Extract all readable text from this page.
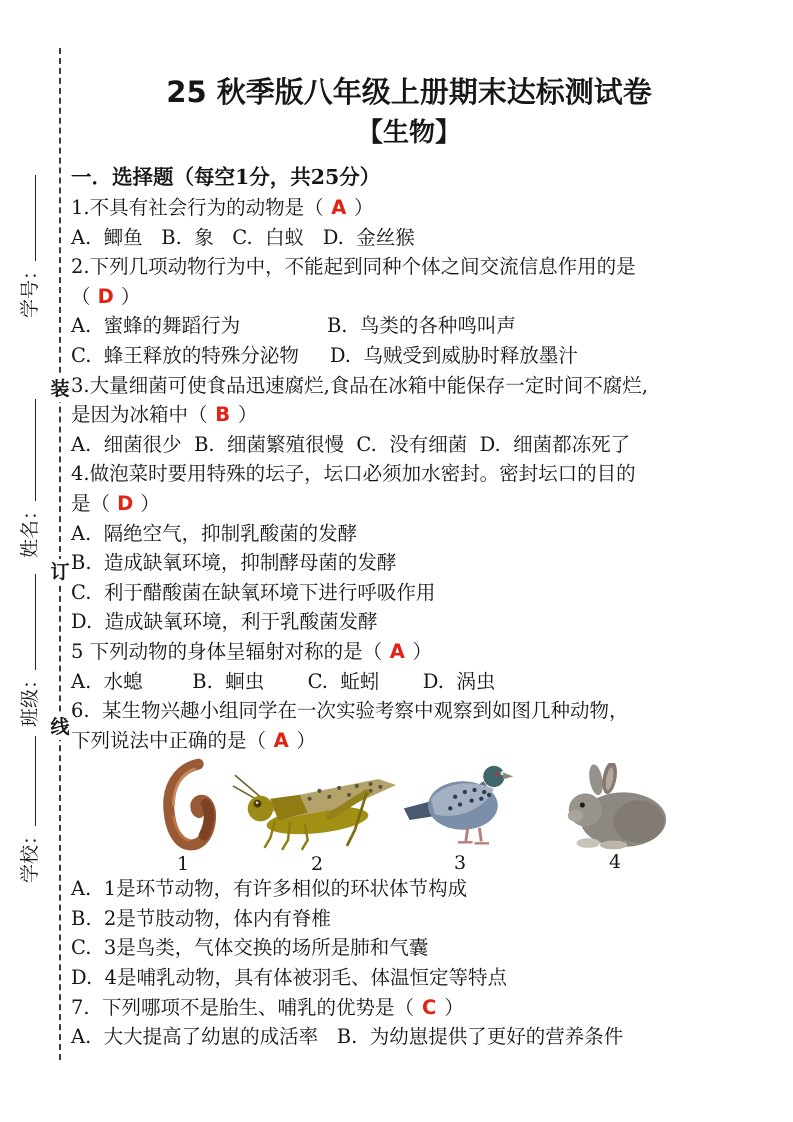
装
订
线
学号：
姓名：
班级：
学校：
25 秋季版八年级上册期末达标测试卷
【生物】
一．选择题（每空1分，共25分）
1.不具有社会行为的动物是（ A ）
A.  鲫鱼   B.  象   C.  白蚁   D.  金丝猴
2.下列几项动物行为中，不能起到同种个体之间交流信息作用的是
（ D ）
A.  蜜蜂的舞蹈行为              B.  鸟类的各种鸣叫声
C.  蜂王释放的特殊分泌物     D.  乌贼受到威胁时释放墨汁
3.大量细菌可使食品迅速腐烂,食品在冰箱中能保存一定时间不腐烂,
是因为冰箱中（ B ）
A.  细菌很少  B.  细菌繁殖很慢  C.  没有细菌  D.  细菌都冻死了
4.做泡菜时要用特殊的坛子，坛口必须加水密封。密封坛口的目的
是（ D ）
A.  隔绝空气，抑制乳酸菌的发酵
B.  造成缺氧环境，抑制酵母菌的发酵
C.  利于醋酸菌在缺氧环境下进行呼吸作用
D.  造成缺氧环境，利于乳酸菌发酵
5 下列动物的身体呈辐射对称的是（ A ）
A.  水螅        B.  蛔虫       C.  蚯蚓       D.  涡虫
6.  某生物兴趣小组同学在一次实验考察中观察到如图几种动物，
下列说法中正确的是（ A ）
1	2	3	4
A.  1是环节动物，有许多相似的环状体节构成
B.  2是节肢动物，体内有脊椎
C.  3是鸟类，气体交换的场所是肺和气囊
D.  4是哺乳动物，具有体被羽毛、体温恒定等特点
7.  下列哪项不是胎生、哺乳的优势是（ C ）
A.  大大提高了幼崽的成活率   B.  为幼崽提供了更好的营养条件
